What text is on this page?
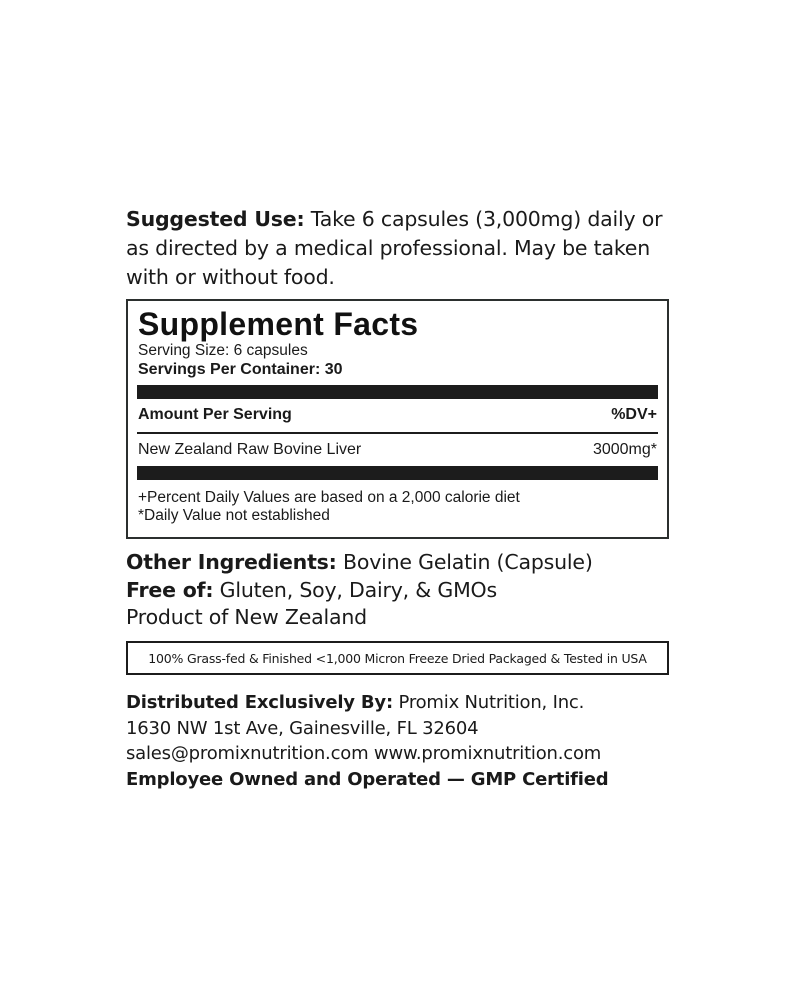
Suggested Use: Take 6 capsules (3,000mg) daily or as directed by a medical professional. May be taken with or without food.
Supplement Facts
Serving Size: 6 capsules
Servings Per Container: 30
Amount Per Serving	%DV+
New Zealand Raw Bovine Liver	3000mg*
+Percent Daily Values are based on a 2,000 calorie diet
*Daily Value not established
Other Ingredients: Bovine Gelatin (Capsule)
Free of: Gluten, Soy, Dairy, & GMOs
Product of New Zealand
100% Grass-fed & Finished <1,000 Micron Freeze Dried Packaged & Tested in USA
Distributed Exclusively By: Promix Nutrition, Inc.
1630 NW 1st Ave, Gainesville, FL 32604
sales@promixnutrition.com www.promixnutrition.com
Employee Owned and Operated — GMP Certified
